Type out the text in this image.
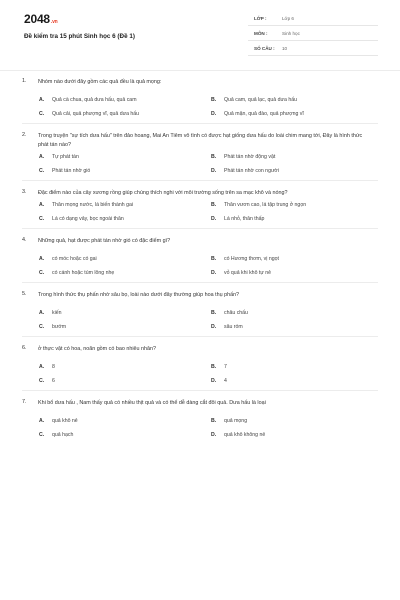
2048.vn
Đề kiểm tra 15 phút Sinh học 6 (Đề 1)
LỚP :	Lớp 6
MÔN :	Sinh học
SỐ CÂU : 10
1. Nhóm nào dưới đây gồm các quả đều là quả mọng:
A. Quả cà chua, quả dưa hấu, quả cam	B. Quả cam, quả lạc, quả dưa hấu
C. Quả cải, quả phượng vĩ, quả dưa hấu	D. Quả mận, quả đào, quả phượng vĩ
2. Trong truyện "sự tích dưa hấu" trên đảo hoang, Mai An Tiêm vô tình có được hạt giống dưa hấu do loài chim mang tới, Đây là hình thức phát tán nào?
A. Tự phát tán	B. Phát tán nhờ động vật
C. Phát tán nhờ gió	D. Phát tán nhờ con người
3. Đặc điểm nào của cây xương rồng giúp chúng thích nghi với môi trường sống trên sa mạc khô và nóng?
A. Thân mọng nước, lá biến thành gai	B. Thân vươn cao, lá tập trung ở ngọn
C. Lá có dạng vảy, bọc ngoài thân	D. Lá nhỏ, thân thấp
4. Những quả, hạt được phát tán nhờ gió có đặc điểm gì?
A. có móc hoặc có gai	B. có Hương thơm, vị ngọt
C. có cánh hoặc túm lông nhẹ	D. vỏ quả khi khô tự nẻ
5. Trong hình thức thụ phấn nhờ sâu bọ, loài nào dưới đây thường giúp hoa thụ phấn?
A. kiến	B. châu chấu
C. bướm	D. sâu róm
6. ở thực vật có hoa, noãn gồm có bao nhiêu nhân?
A. 8	B. 7
C. 6	D. 4
7. Khi bổ dưa hấu , Nam thấy quả có nhiều thịt quả và có thể dễ dàng cắt đôi quả. Dưa hấu là loại
A. quả khô nẻ	B. quả mọng
C. quả hạch	D. quả khô không nẻ
